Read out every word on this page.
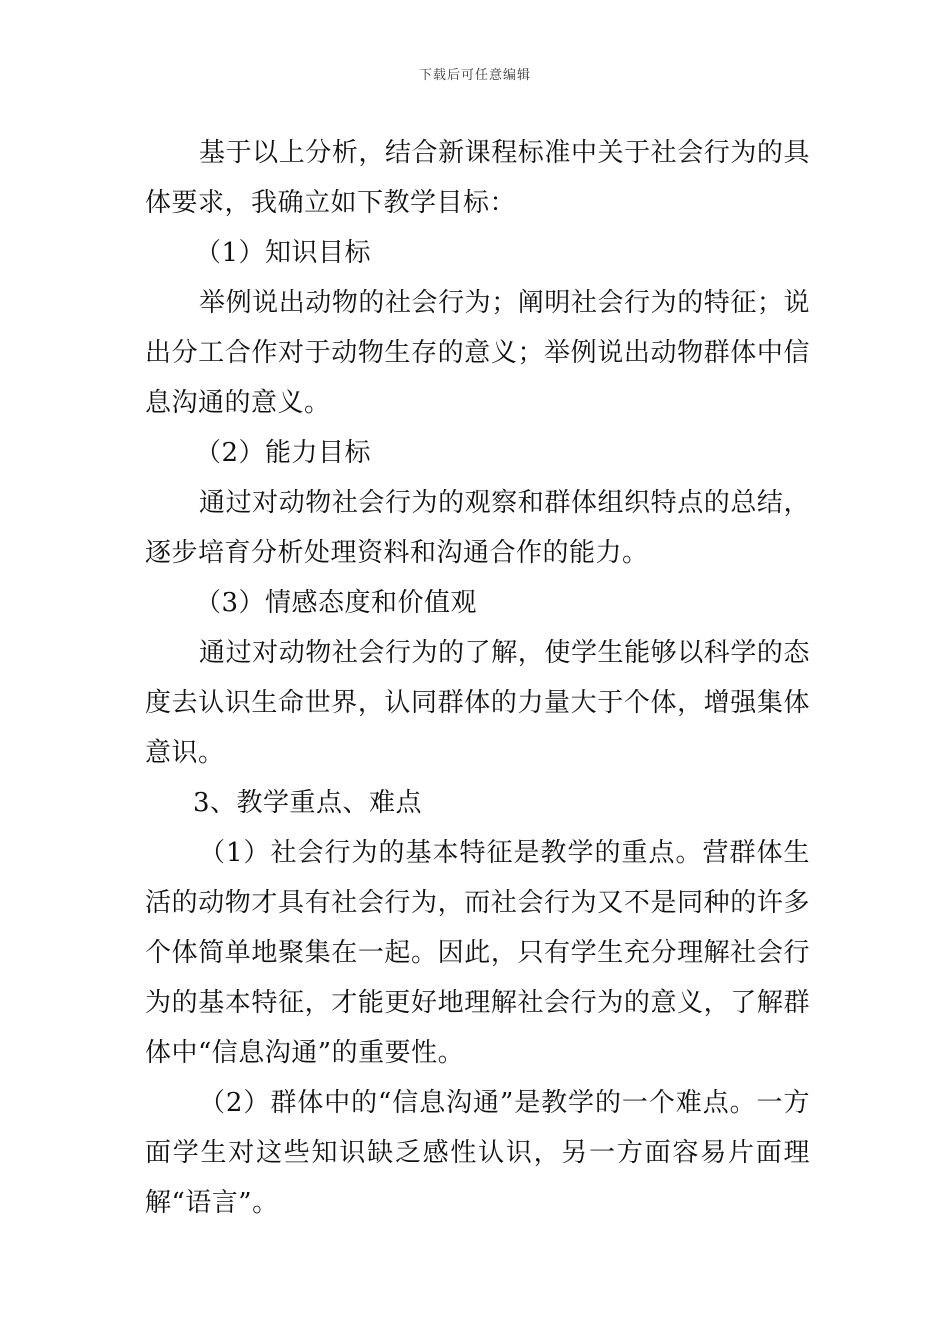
下载后可任意编辑

基于以上分析，结合新课程标准中关于社会行为的具体要求，我确立如下教学目标：

（1）知识目标

举例说出动物的社会行为；阐明社会行为的特征；说出分工合作对于动物生存的意义；举例说出动物群体中信息沟通的意义。

（2）能力目标

通过对动物社会行为的观察和群体组织特点的总结，逐步培育分析处理资料和沟通合作的能力。

（3）情感态度和价值观

通过对动物社会行为的了解，使学生能够以科学的态度去认识生命世界，认同群体的力量大于个体，增强集体意识。

3、教学重点、难点

（1）社会行为的基本特征是教学的重点。营群体生活的动物才具有社会行为，而社会行为又不是同种的许多个体简单地聚集在一起。因此，只有学生充分理解社会行为的基本特征，才能更好地理解社会行为的意义，了解群体中“信息沟通”的重要性。

（2）群体中的“信息沟通”是教学的一个难点。一方面学生对这些知识缺乏感性认识，另一方面容易片面理解“语言”。
